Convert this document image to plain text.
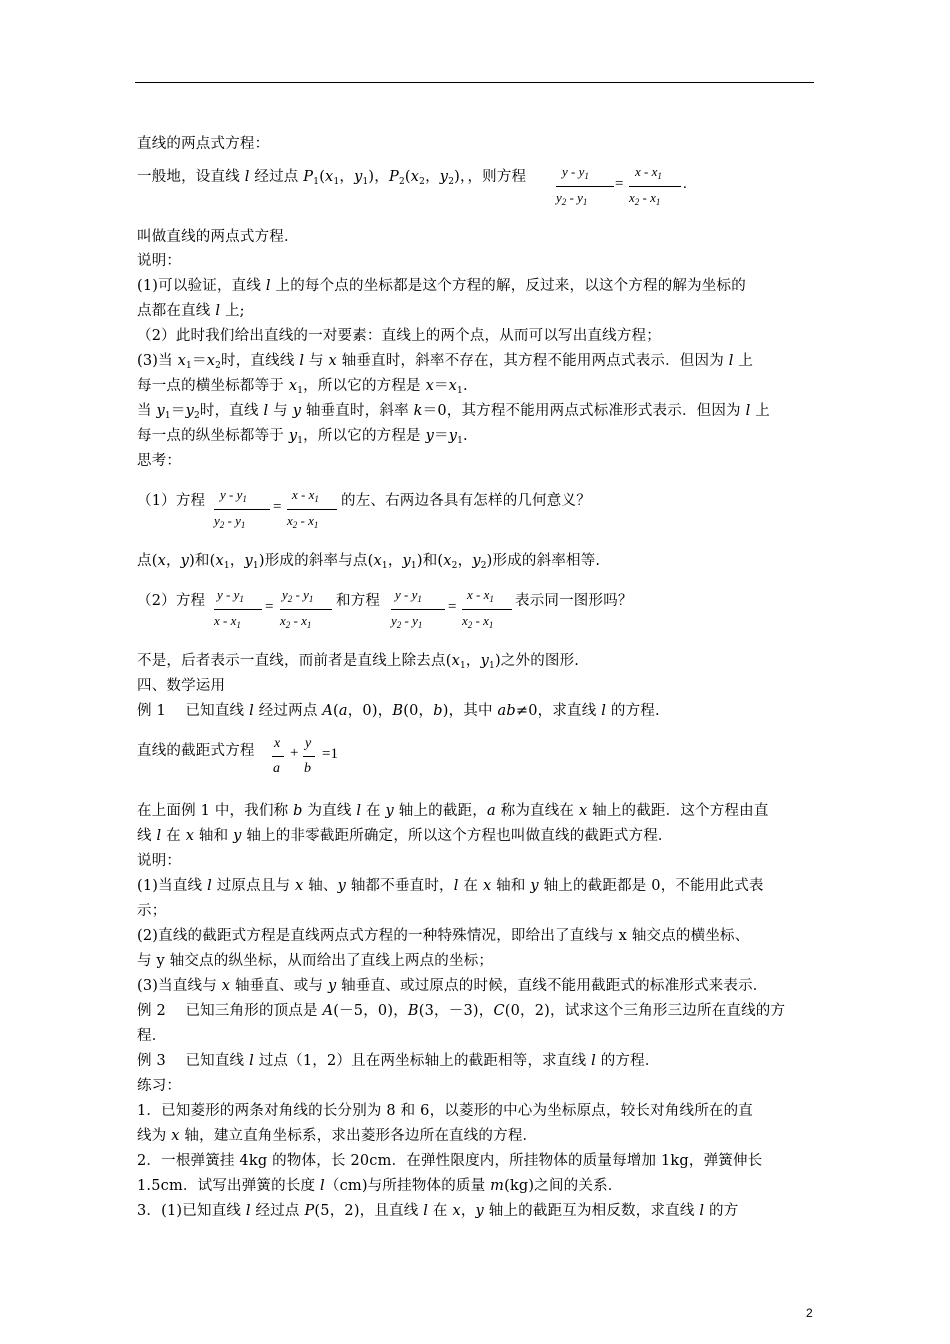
直线的两点式方程：
一般地，设直线 l 经过点 $P_1(x_1$，$y_1$)，$P_2(x_2$，$y_2$)，，则方程	y - $y_1$
$y_2 - y_1$
=
x - $x_1$
$x_2 - x_1$
.
叫做直线的两点式方程．
说明：
(1)可以验证，直线 l 上的每个点的坐标都是这个方程的解，反过来，以这个方程的解为坐标的
点都在直线 l 上;
（2）此时我们给出直线的一对要素：直线上的两个点，从而可以写出直线方程；
(3)当 $x_1=x_2$时，直线线 l 与 x 轴垂直时，斜率不存在，其方程不能用两点式表示．但因为 l 上
每一点的横坐标都等于 $x_1$，所以它的方程是 $x=x_1$.
当 $y_1=y_2$时，直线 l 与 y 轴垂直时，斜率 k＝0，其方程不能用两点式标准形式表示．但因为 l 上
每一点的纵坐标都等于 $y_1$，所以它的方程是 $y=y_1$.
思考：
（1）方程 y - $y_1$
$y_2 - y_1$
=
x - $x_1$
$x_2 - x_1$
的左、右两边各具有怎样的几何意义？
点(x，y)和($x_1$，$y_1$)形成的斜率与点($x_1$，$y_1$)和($x_2$，$y_2$)形成的斜率相等.
（2）方程 y - $y_1$
x - $x_1$
=
$y_2 - y_1$
$x_2 - x_1$
和方程 y - $y_1$
$y_2 - y_1$
=
x - $x_1$
$x_2 - x_1$
表示同一图形吗？
不是，后者表示一直线，而前者是直线上除去点($x_1$，$y_1$)之外的图形.
四、数学运用
例 1　 已知直线 l 经过两点 A(a，0)，B(0，b)，其中 ab≠0，求直线 l 的方程.
直线的截距式方程 x
a
+
y
b
=1
在上面例 1 中，我们称 b 为直线 l 在 y 轴上的截距，a 称为直线在 x 轴上的截距．这个方程由直
线 l 在 x 轴和 y 轴上的非零截距所确定，所以这个方程也叫做直线的截距式方程．
说明：
(1)当直线 l 过原点且与 x 轴、y 轴都不垂直时，l 在 x 轴和 y 轴上的截距都是 0，不能用此式表
示；
(2)直线的截距式方程是直线两点式方程的一种特殊情况，即给出了直线与 x 轴交点的横坐标、
与 y 轴交点的纵坐标，从而给出了直线上两点的坐标；
(3)当直线与 x 轴垂直、或与 y 轴垂直、或过原点的时候，直线不能用截距式的标准形式来表示．
例 2　 已知三角形的顶点是 A(－5，0)，B(3，－3)，C(0，2)，试求这个三角形三边所在直线的方
程．
例 3　 已知直线 l 过点（1，2）且在两坐标轴上的截距相等，求直线 l 的方程．
练习：
1．已知菱形的两条对角线的长分别为 8 和 6，以菱形的中心为坐标原点，较长对角线所在的直
线为 x 轴，建立直角坐标系，求出菱形各边所在直线的方程．
2．一根弹簧挂 4kg 的物体，长 20cm．在弹性限度内，所挂物体的质量每增加 1kg，弹簧伸长
1.5cm．试写出弹簧的长度 l（cm)与所挂物体的质量 m(kg)之间的关系．
3．(1)已知直线 l 经过点 P(5，2)，且直线 l 在 x，y 轴上的截距互为相反数，求直线 l 的方
2
